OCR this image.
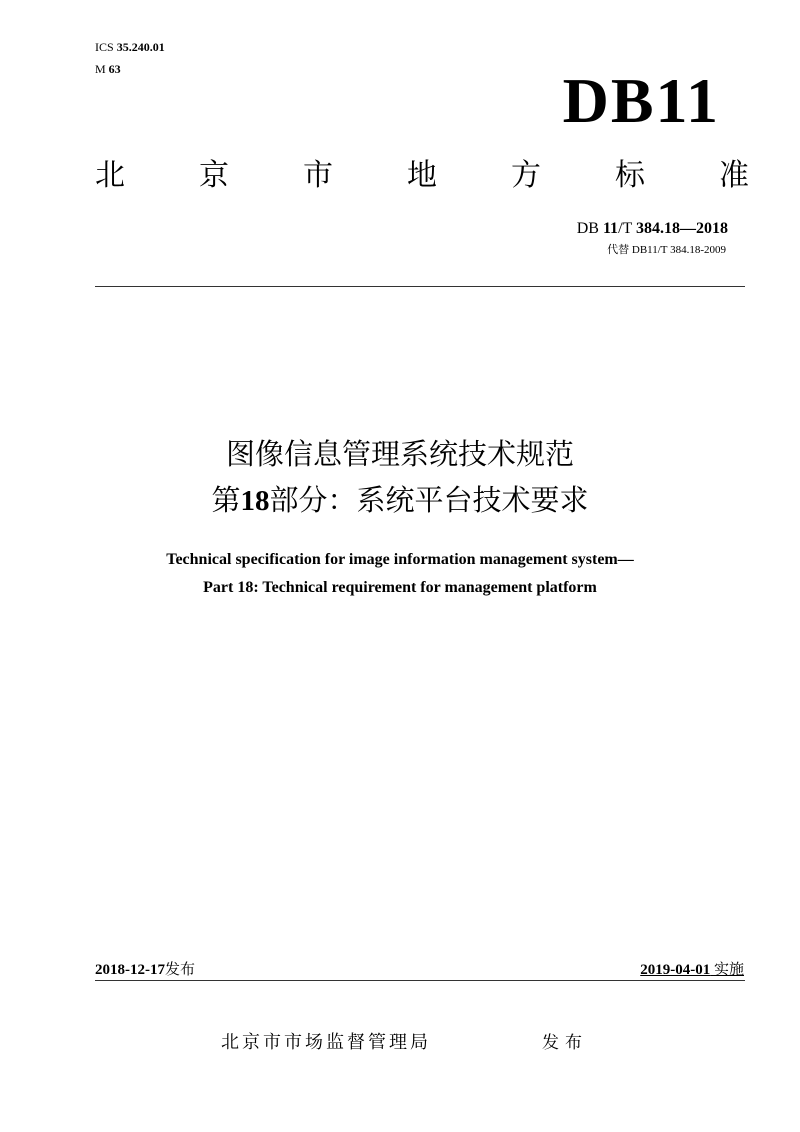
ICS 35.240.01
M 63	DB11
北 京 市 地 方 标 准
DB 11/T 384.18—2018
代替 DB11/T 384.18-2009
图像信息管理系统技术规范
第18部分：系统平台技术要求
Technical specification for image information management system—
Part 18: Technical requirement for management platform
2018-12-17发布	2019-04-01 实施
北京市市场监督管理局	发布
